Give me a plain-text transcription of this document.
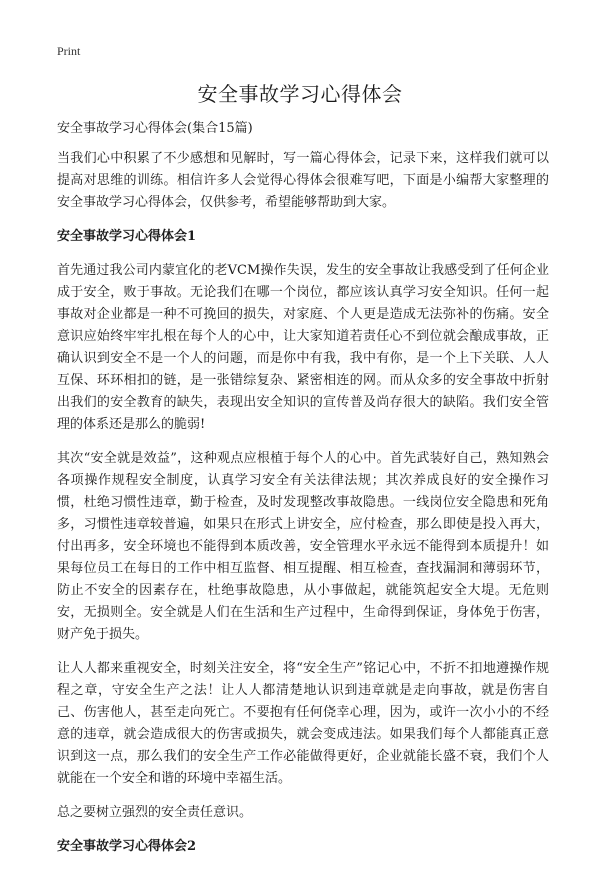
Print
安全事故学习心得体会
安全事故学习心得体会(集合15篇)

当我们心中积累了不少感想和见解时，写一篇心得体会，记录下来，这样我们就可以提高对思维的训练。相信许多人会觉得心得体会很难写吧，下面是小编帮大家整理的安全事故学习心得体会，仅供参考，希望能够帮助到大家。

安全事故学习心得体会1

首先通过我公司内蒙宜化的老VCM操作失误，发生的安全事故让我感受到了任何企业成于安全，败于事故。无论我们在哪一个岗位，都应该认真学习安全知识。任何一起事故对企业都是一种不可挽回的损失，对家庭、个人更是造成无法弥补的伤痛。安全意识应始终牢牢扎根在每个人的心中，让大家知道若责任心不到位就会酿成事故，正确认识到安全不是一个人的问题，而是你中有我，我中有你，是一个上下关联、人人互保、环环相扣的链，是一张错综复杂、紧密相连的网。而从众多的安全事故中折射出我们的安全教育的缺失，表现出安全知识的宣传普及尚存很大的缺陷。我们安全管理的体系还是那么的脆弱!

其次“安全就是效益”，这种观点应根植于每个人的心中。首先武装好自己，熟知熟会各项操作规程安全制度，认真学习安全有关法律法规；其次养成良好的安全操作习惯，杜绝习惯性违章，勤于检查，及时发现整改事故隐患。一线岗位安全隐患和死角多，习惯性违章较普遍，如果只在形式上讲安全，应付检查，那么即使是投入再大，付出再多，安全环境也不能得到本质改善，安全管理水平永远不能得到本质提升！如果每位员工在每日的工作中相互监督、相互提醒、相互检查，查找漏洞和薄弱环节，防止不安全的因素存在，杜绝事故隐患，从小事做起，就能筑起安全大堤。无危则安，无损则全。安全就是人们在生活和生产过程中，生命得到保证，身体免于伤害，财产免于损失。

让人人都来重视安全，时刻关注安全，将“安全生产”铭记心中，不折不扣地遵操作规程之章，守安全生产之法！让人人都清楚地认识到违章就是走向事故，就是伤害自己、伤害他人，甚至走向死亡。不要抱有任何侥幸心理，因为，或许一次小小的不经意的违章，就会造成很大的伤害或损失，就会变成违法。如果我们每个人都能真正意识到这一点，那么我们的安全生产工作必能做得更好，企业就能长盛不衰，我们个人就能在一个安全和谐的环境中幸福生活。

总之要树立强烈的安全责任意识。

安全事故学习心得体会2
